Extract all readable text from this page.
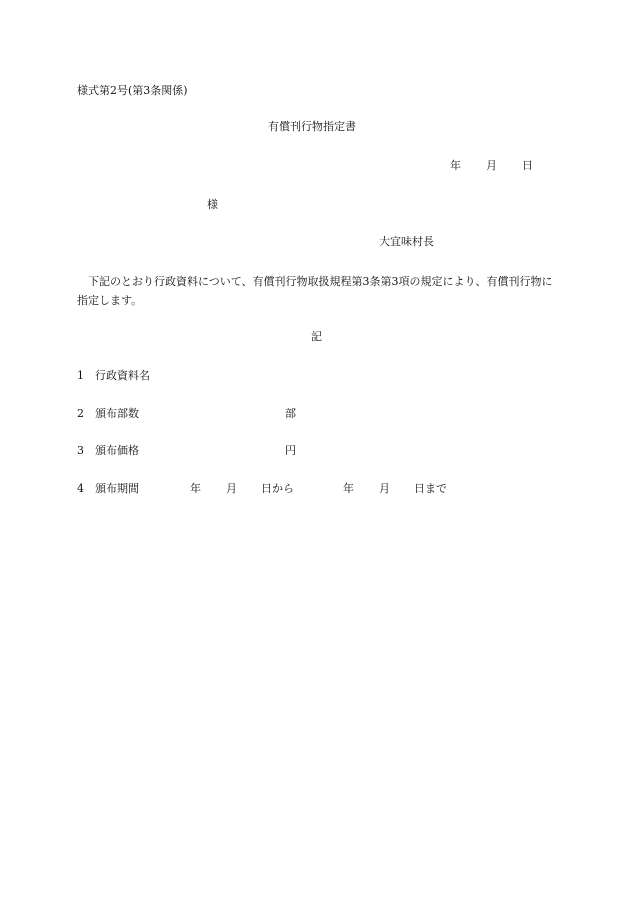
様式第2号(第3条関係)
有償刊行物指定書
年 月 日
様
大宜味村長
下記のとおり行政資料について、有償刊行物取扱規程第3条第3項の規定により、有償刊行物に指定します。
記
1 行政資料名
2 頒布部数	部
3 頒布価格	円
4 頒布期間	年 月 日から	年 月 日まで
